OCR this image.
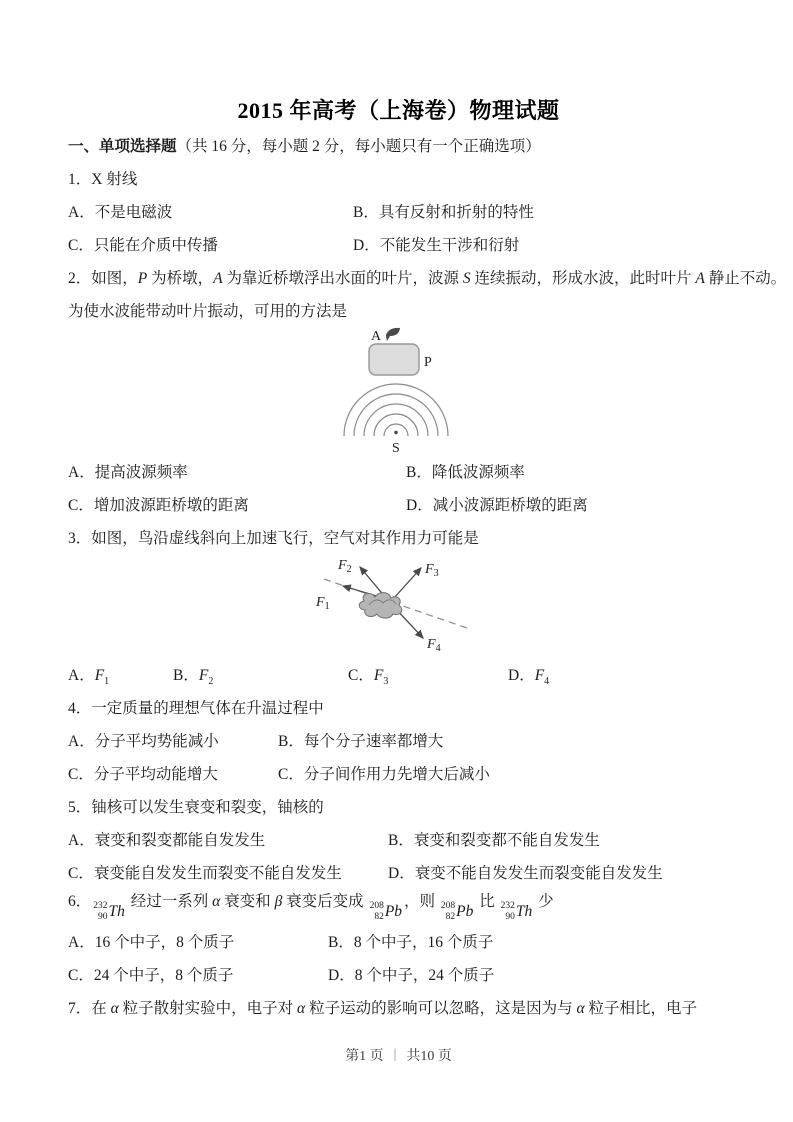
2015 年高考（上海卷）物理试题
一、单项选择题（共 16 分，每小题 2 分，每小题只有一个正确选项）
1．X 射线
A．不是电磁波	B．具有反射和折射的特性
C．只能在介质中传播	D．不能发生干涉和衍射
2．如图，P 为桥墩，A 为靠近桥墩浮出水面的叶片，波源 S 连续振动，形成水波，此时叶片 A 静止不动。
为使水波能带动叶片振动，可用的方法是
A
P
S
A．提高波源频率	B．降低波源频率
C．增加波源距桥墩的距离	D．减小波源距桥墩的距离
3．如图，鸟沿虚线斜向上加速飞行，空气对其作用力可能是
$F_1$
$F_2$	$F_3$
$F_4$
A．$F_1$	B．$F_2$	C．$F_3$	D．$F_4$
4．一定质量的理想气体在升温过程中
A．分子平均势能减小	B．每个分子速率都增大
C．分子平均动能增大	C．分子间作用力先增大后减小
5．铀核可以发生衰变和裂变，铀核的
A．衰变和裂变都能自发发生	B．衰变和裂变都不能自发发生
C．衰变能自发发生而裂变不能自发发生	D．衰变不能自发发生而裂变能自发发生
6． 232
90 Th
经过一系列 α 衰变和 β 衰变后变成 208
82 Pb
，则 208
82 Pb
比 232
90 Th
少
A．16 个中子，8 个质子	B．8 个中子，16 个质子
C．24 个中子，8 个质子	D．8 个中子，24 个质子
7．在 α 粒子散射实验中，电子对 α 粒子运动的影响可以忽略，这是因为与 α 粒子相比，电子
第1 页 | 共10 页
